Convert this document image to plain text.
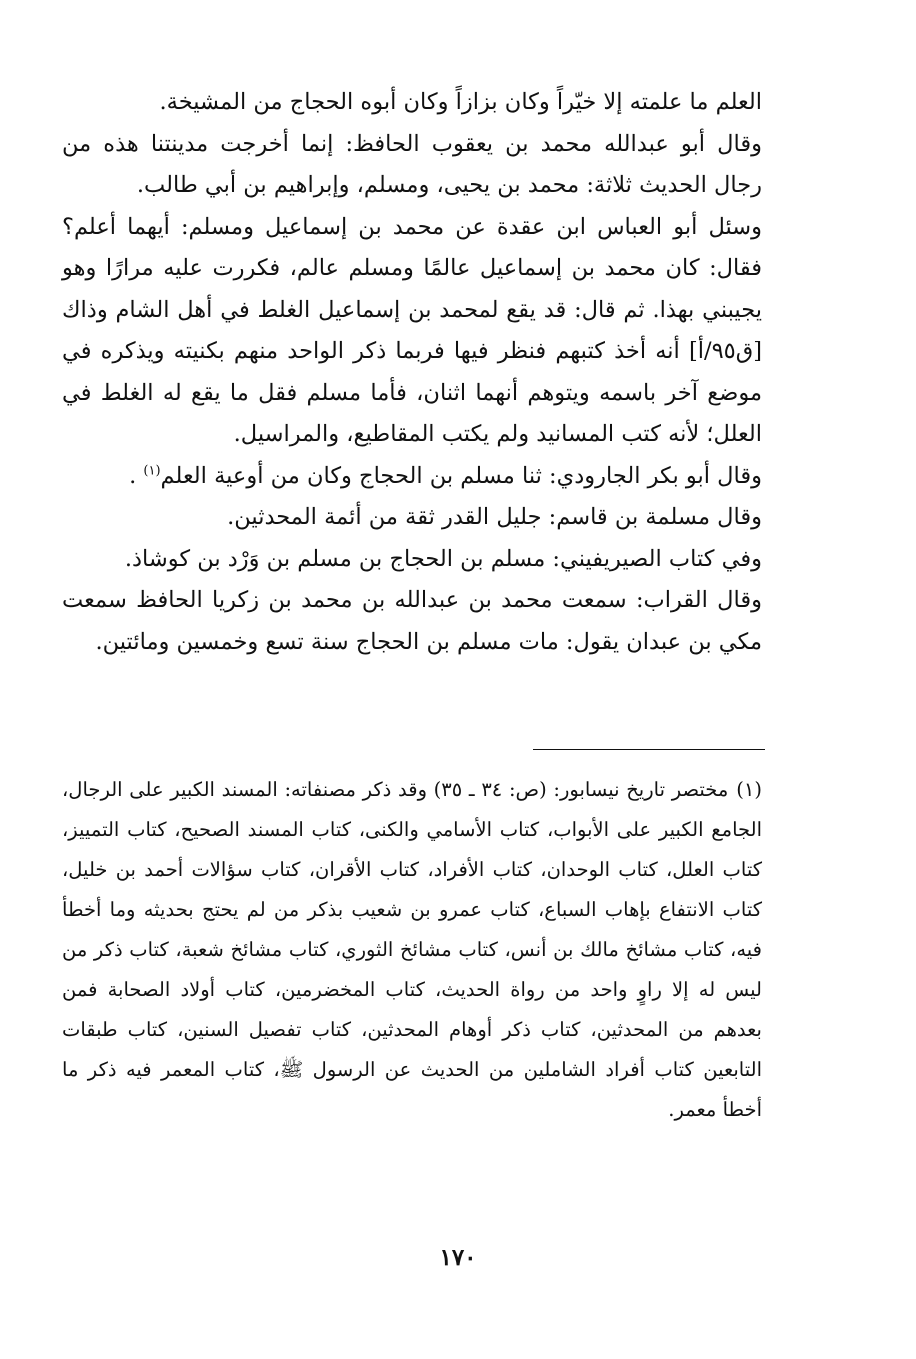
العلم ما علمته إلا خيّراً وكان بزازاً وكان أبوه الحجاج من المشيخة.

وقال أبو عبدالله محمد بن يعقوب الحافظ: إنما أخرجت مدينتنا هذه من رجال الحديث ثلاثة: محمد بن يحيى، ومسلم، وإبراهيم بن أبي طالب.

وسئل أبو العباس ابن عقدة عن محمد بن إسماعيل ومسلم: أيهما أعلم؟ فقال: كان محمد بن إسماعيل عالمًا ومسلم عالم، فكررت عليه مرارًا وهو يجيبني بهذا. ثم قال: قد يقع لمحمد بن إسماعيل الغلط في أهل الشام وذاك [ق٩٥/أ] أنه أخذ كتبهم فنظر فيها فربما ذكر الواحد منهم بكنيته ويذكره في موضع آخر باسمه ويتوهم أنهما اثنان، فأما مسلم فقل ما يقع له الغلط في العلل؛ لأنه كتب المسانيد ولم يكتب المقاطيع، والمراسيل.

وقال أبو بكر الجارودي: ثنا مسلم بن الحجاج وكان من أوعية العلم$^{(١)}$ .

وقال مسلمة بن قاسم: جليل القدر ثقة من أئمة المحدثين.

وفي كتاب الصيريفيني: مسلم بن الحجاج بن مسلم بن وَرْد بن كوشاذ.

وقال القراب: سمعت محمد بن عبدالله بن محمد بن زكريا الحافظ سمعت مكي بن عبدان يقول: مات مسلم بن الحجاج سنة تسع وخمسين ومائتين.

(١)مختصر تاريخ نيسابور: (ص: ٣٤ ـ ٣٥) وقد ذكر مصنفاته: المسند الكبير على الرجال، الجامع الكبير على الأبواب، كتاب الأسامي والكنى، كتاب المسند الصحيح، كتاب التمييز، كتاب العلل، كتاب الوحدان، كتاب الأفراد، كتاب الأقران، كتاب سؤالات أحمد بن خليل، كتاب الانتفاع بإهاب السباع، كتاب عمرو بن شعيب بذكر من لم يحتج بحديثه وما أخطأ فيه، كتاب مشائخ مالك بن أنس، كتاب مشائخ الثوري، كتاب مشائخ شعبة، كتاب ذكر من ليس له إلا راوٍ واحد من رواة الحديث، كتاب المخضرمين، كتاب أولاد الصحابة فمن بعدهم من المحدثين، كتاب ذكر أوهام المحدثين، كتاب تفصيل السنين، كتاب طبقات التابعين كتاب أفراد الشاملين من الحديث عن الرسول ﷺ، كتاب المعمر فيه ذكر ما أخطأ معمر.

١٧٠
